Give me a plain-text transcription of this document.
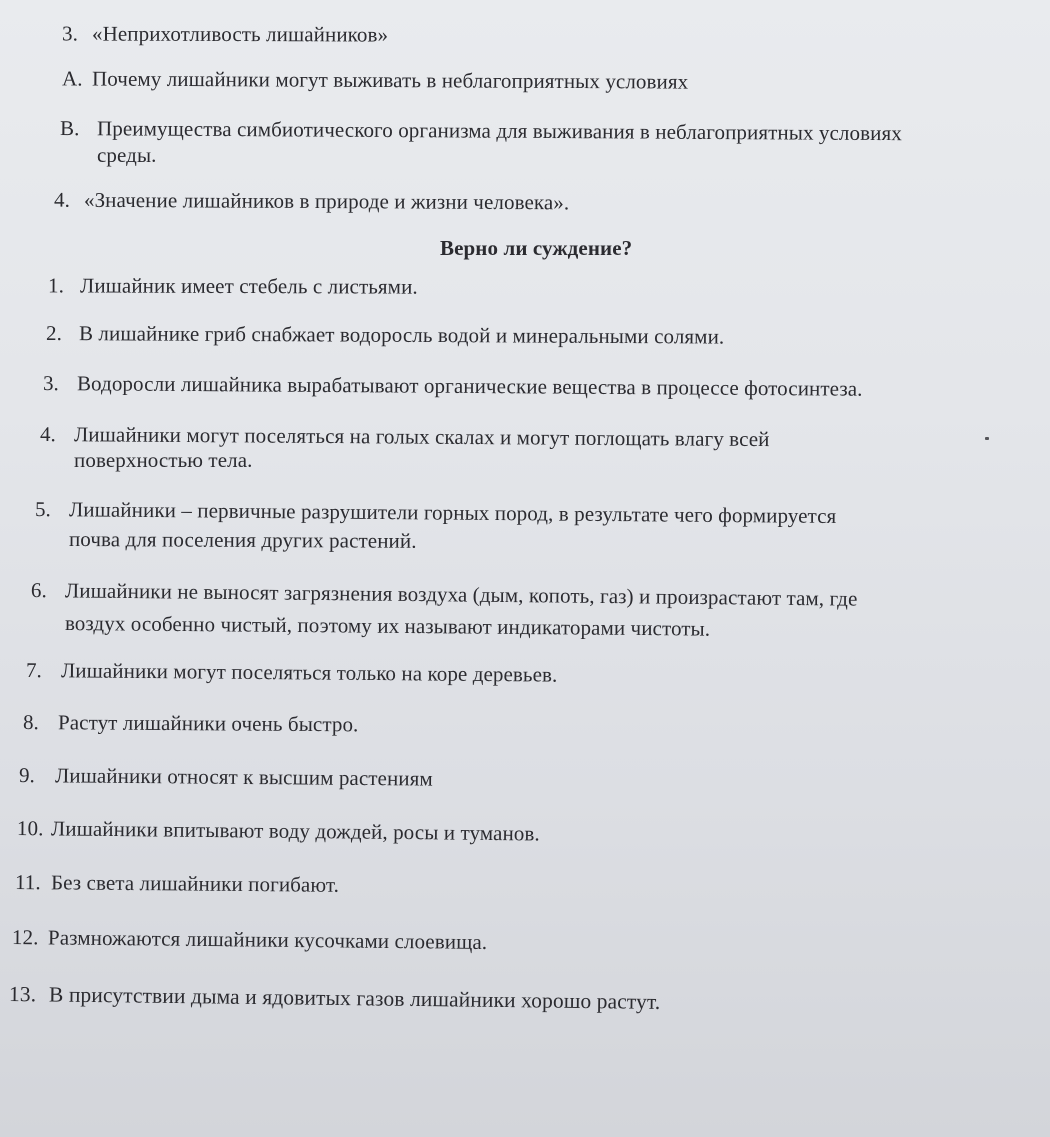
3. «Неприхотливость лишайников»
A. Почему лишайники могут выживать в неблагоприятных условиях
B. Преимущества симбиотического организма для выживания в неблагоприятных условиях
среды.
4. «Значение лишайников в природе и жизни человека».
Верно ли суждение?
1. Лишайник имеет стебель с листьями.
2. В лишайнике гриб снабжает водоросль водой и минеральными солями.
3. Водоросли лишайника вырабатывают органические вещества в процессе фотосинтеза.
4. Лишайники могут поселяться на голых скалах и могут поглощать влагу всей
поверхностью тела.
5. Лишайники – первичные разрушители горных пород, в результате чего формируется
почва для поселения других растений.
6. Лишайники не выносят загрязнения воздуха (дым, копоть, газ) и произрастают там, где
воздух особенно чистый, поэтому их называют индикаторами чистоты.
7. Лишайники могут поселяться только на коре деревьев.
8. Растут лишайники очень быстро.
9. Лишайники относят к высшим растениям
10. Лишайники впитывают воду дождей, росы и туманов.
11. Без света лишайники погибают.
12. Размножаются лишайники кусочками слоевища.
13. В присутствии дыма и ядовитых газов лишайники хорошо растут.
